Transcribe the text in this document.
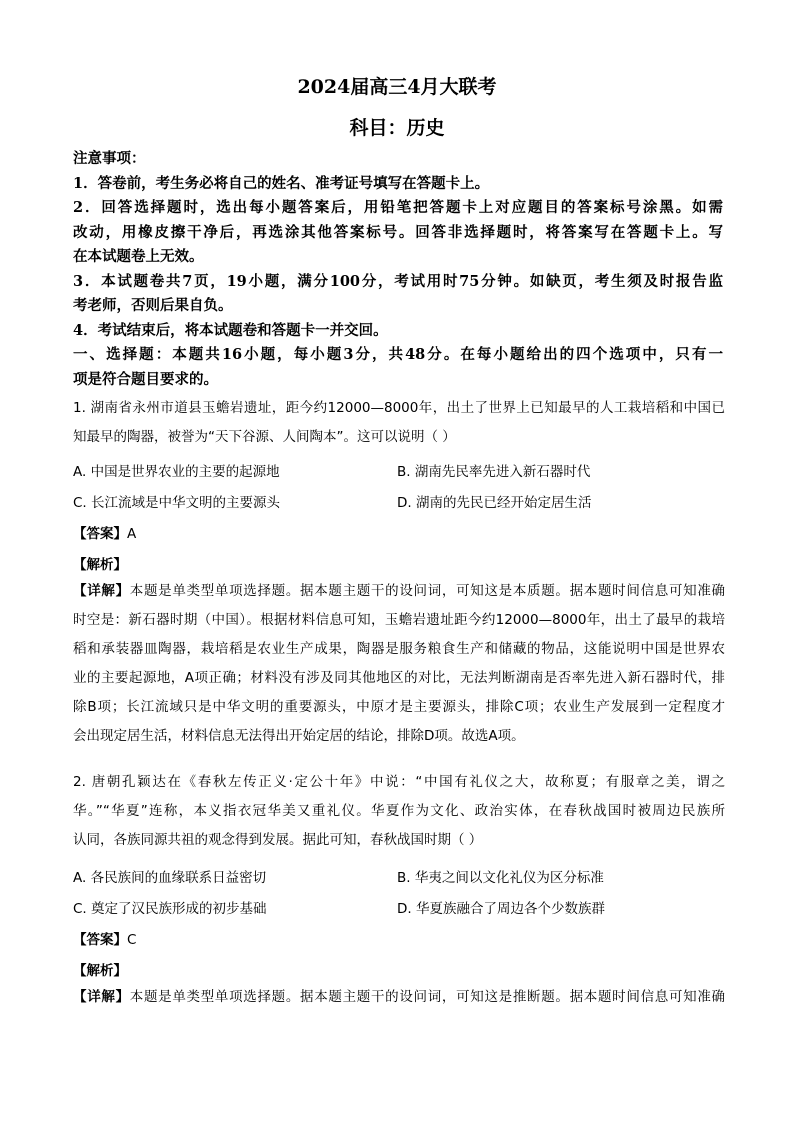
2024届高三4月大联考
科目：历史

注意事项：

1．答卷前，考生务必将自己的姓名、准考证号填写在答题卡上。

2．回答选择题时，选出每小题答案后，用铅笔把答题卡上对应题目的答案标号涂黑。如需

改动，用橡皮擦干净后，再选涂其他答案标号。回答非选择题时，将答案写在答题卡上。写

在本试题卷上无效。

3．本试题卷共7页，19小题，满分100分，考试用时75分钟。如缺页，考生须及时报告监

考老师，否则后果自负。

4．考试结束后，将本试题卷和答题卡一并交回。

一、选择题：本题共16小题，每小题3分，共48分。在每小题给出的四个选项中，只有一

项是符合题目要求的。

1. 湖南省永州市道县玉蟾岩遗址，距今约12000—8000年，出土了世界上已知最早的人工栽培稻和中国已

知最早的陶器，被誉为“天下谷源、人间陶本”。这可以说明（ ）

A. 中国是世界农业的主要的起源地	B. 湖南先民率先进入新石器时代
C. 长江流域是中华文明的主要源头	D. 湖南的先民已经开始定居生活
【答案】A
【解析】

【详解】本题是单类型单项选择题。据本题主题干的设问词，可知这是本质题。据本题时间信息可知准确

时空是：新石器时期（中国）。根据材料信息可知，玉蟾岩遗址距今约12000—8000年，出土了最早的栽培

稻和承装器皿陶器，栽培稻是农业生产成果，陶器是服务粮食生产和储藏的物品，这能说明中国是世界农

业的主要起源地，A项正确；材料没有涉及同其他地区的对比，无法判断湖南是否率先进入新石器时代，排

除B项；长江流域只是中华文明的重要源头，中原才是主要源头，排除C项；农业生产发展到一定程度才

会出现定居生活，材料信息无法得出开始定居的结论，排除D项。故选A项。

2. 唐朝孔颖达在《春秋左传正义·定公十年》中说：“中国有礼仪之大，故称夏；有服章之美，谓之

华。”“华夏”连称，本义指衣冠华美又重礼仪。华夏作为文化、政治实体，在春秋战国时被周边民族所

认同，各族同源共祖的观念得到发展。据此可知，春秋战国时期（ ）

A. 各民族间的血缘联系日益密切	B. 华夷之间以文化礼仪为区分标准
C. 奠定了汉民族形成的初步基础	D. 华夏族融合了周边各个少数族群
【答案】C
【解析】

【详解】本题是单类型单项选择题。据本题主题干的设问词，可知这是推断题。据本题时间信息可知准确
